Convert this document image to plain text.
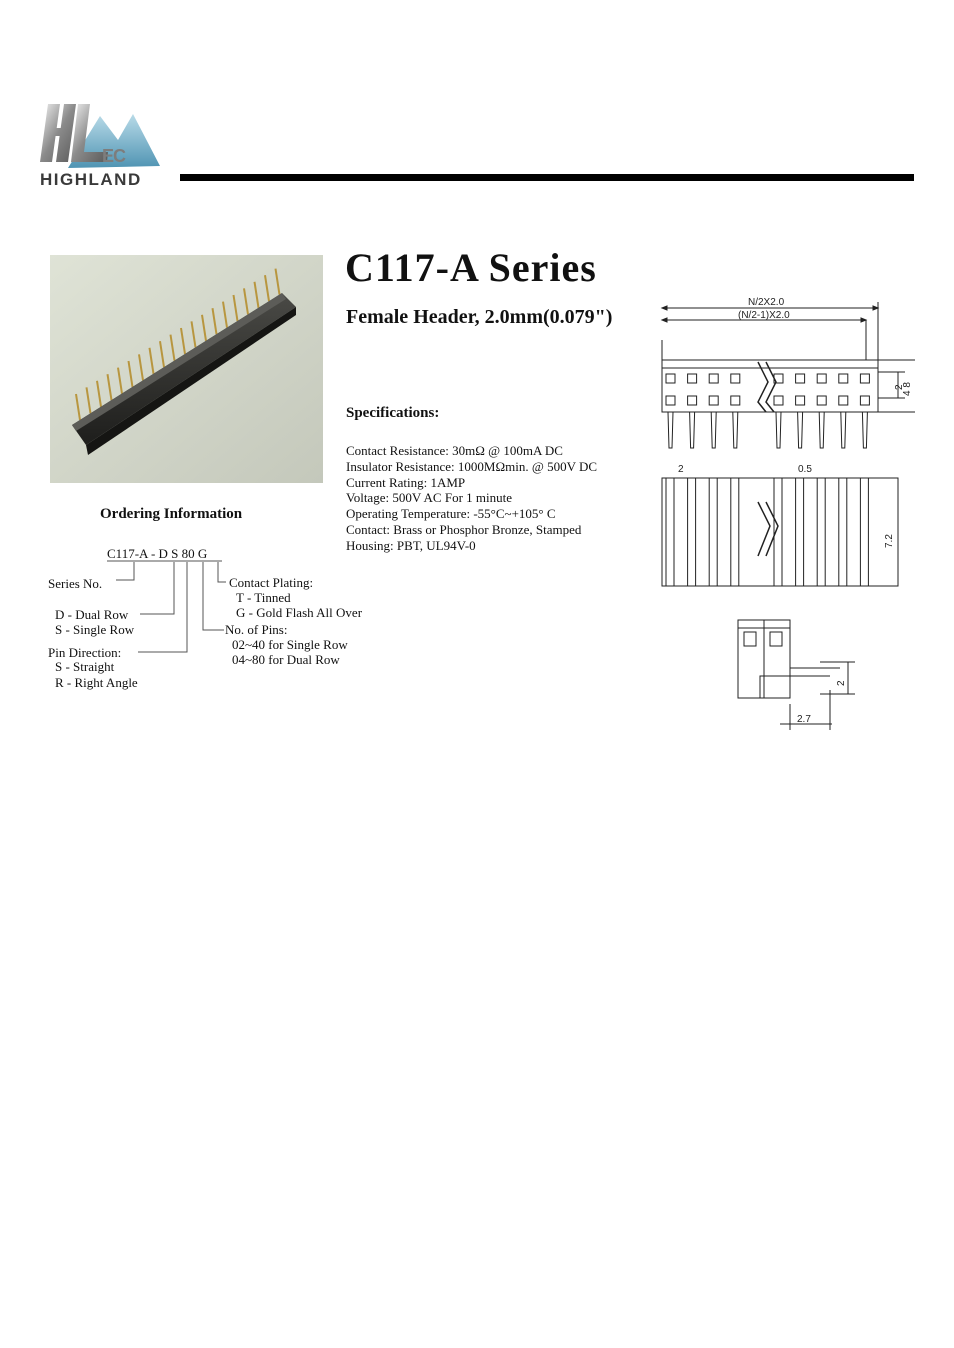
EC
HIGHLAND
C117-A Series
Female Header, 2.0mm(0.079")
Specifications:
Contact Resistance: 30mΩ @ 100mA DC
Insulator Resistance: 1000MΩmin. @ 500V DC
Current Rating: 1AMP
Voltage: 500V AC For 1 minute
Operating Temperature: -55°C~+105° C
Contact: Brass or Phosphor Bronze, Stamped
Housing: PBT, UL94V-0
Ordering Information
C117-A - D S 80 G
Series No.
D - Dual Row
S - Single Row
Pin Direction:
S - Straight
R - Right Angle
Contact Plating:
T - Tinned
G - Gold Flash All Over
No. of Pins:
02~40 for Single Row
04~80 for Dual Row
N/2X2.0
(N/2-1)X2.0
2	0.5
2
4 8
7.2
2
2.7
